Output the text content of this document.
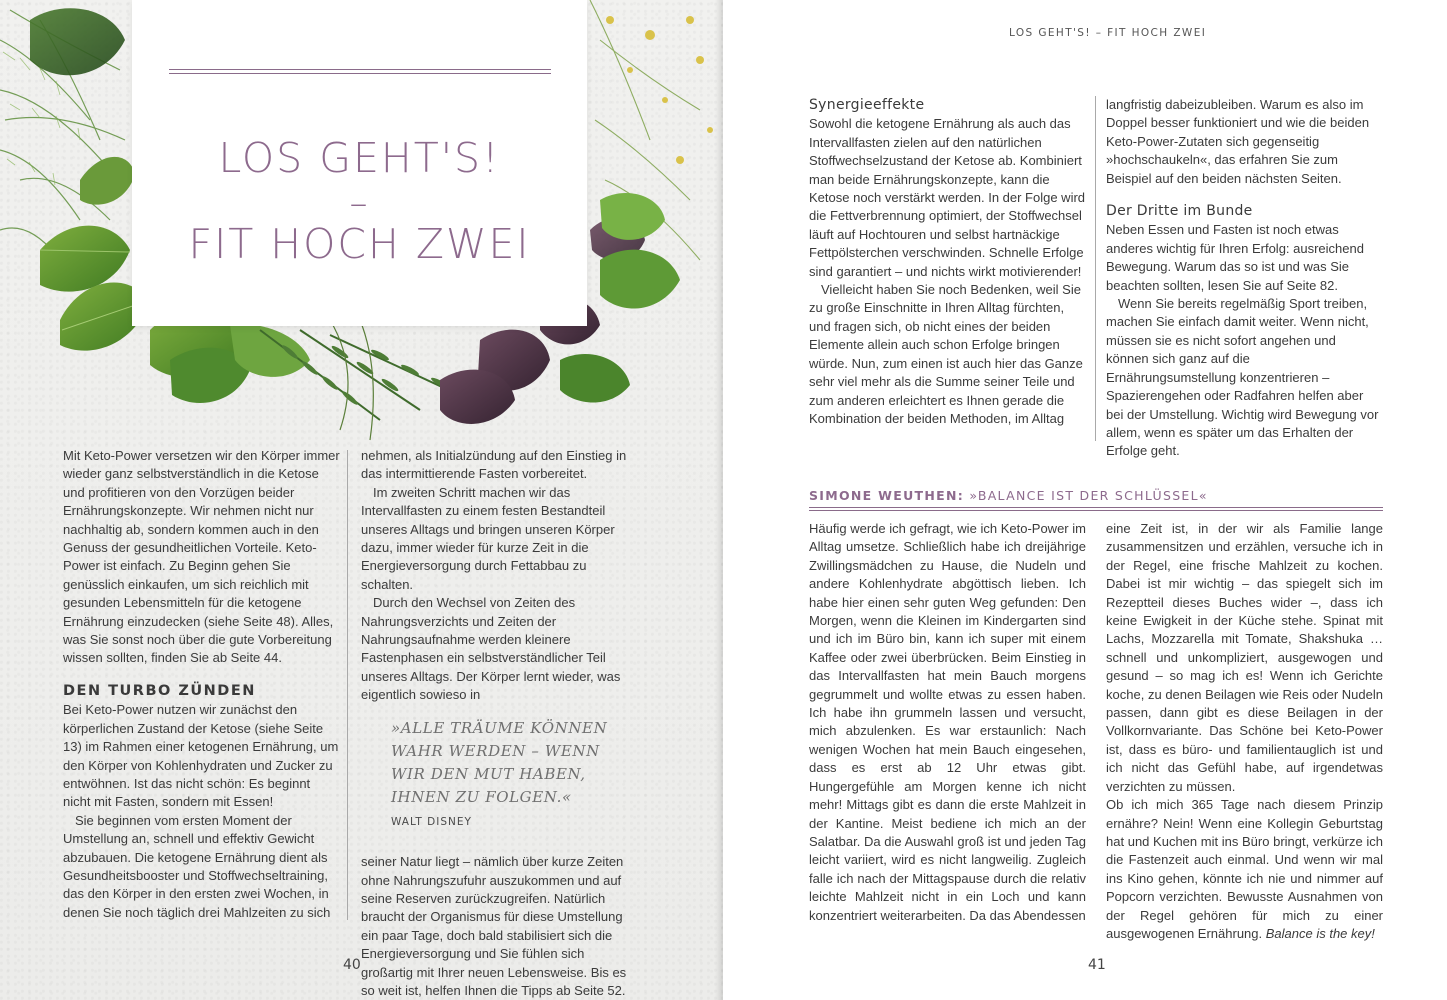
LOS GEHT'S!
–
FIT HOCH ZWEI

Mit Keto-Power versetzen wir den Körper immer wieder ganz selbstverständlich in die Ketose und profitieren von den Vorzügen beider Ernährungskonzepte. Wir nehmen nicht nur nachhaltig ab, sondern kommen auch in den Genuss der gesundheitlichen Vorteile. Keto-Power ist einfach. Zu Beginn gehen Sie genüsslich einkaufen, um sich reichlich mit gesunden Lebensmitteln für die ketogene Ernährung einzudecken (siehe Seite 48). Alles, was Sie sonst noch über die gute Vorbereitung wissen sollten, finden Sie ab Seite 44.

DEN TURBO ZÜNDEN

Bei Keto-Power nutzen wir zunächst den körperlichen Zustand der Ketose (siehe Seite 13) im Rahmen einer ketogenen Ernährung, um den Körper von Kohlenhydraten und Zucker zu entwöhnen. Ist das nicht schön: Es beginnt nicht mit Fasten, sondern mit Essen!

Sie beginnen vom ersten Moment der Umstellung an, schnell und effektiv Gewicht abzubauen. Die ketogene Ernährung dient als Gesundheitsbooster und Stoffwechseltraining, das den Körper in den ersten zwei Wochen, in denen Sie noch täglich drei Mahlzeiten zu sich

nehmen, als Initialzündung auf den Einstieg in das intermittierende Fasten vorbereitet.

Im zweiten Schritt machen wir das Intervallfasten zu einem festen Bestandteil unseres Alltags und bringen unseren Körper dazu, immer wieder für kurze Zeit in die Energieversorgung durch Fettabbau zu schalten.

Durch den Wechsel von Zeiten des Nahrungsverzichts und Zeiten der Nahrungsaufnahme werden kleinere Fastenphasen ein selbstverständlicher Teil unseres Alltags. Der Körper lernt wieder, was eigentlich sowieso in

»ALLE TRÄUME KÖNNEN WAHR WERDEN – WENN WIR DEN MUT HABEN, IHNEN ZU FOLGEN.«
WALT DISNEY

seiner Natur liegt – nämlich über kurze Zeiten ohne Nahrungszufuhr auszukommen und auf seine Reserven zurückzugreifen. Natürlich braucht der Organismus für diese Umstellung ein paar Tage, doch bald stabilisiert sich die Energieversorgung und Sie fühlen sich großartig mit Ihrer neuen Lebensweise. Bis es so weit ist, helfen Ihnen die Tipps ab Seite 52.

40
LOS GEHT'S! – FIT HOCH ZWEI
Synergieeffekte

Sowohl die ketogene Ernährung als auch das Intervallfasten zielen auf den natürlichen Stoffwechselzustand der Ketose ab. Kombiniert man beide Ernährungskonzepte, kann die Ketose noch verstärkt werden. In der Folge wird die Fettverbrennung optimiert, der Stoffwechsel läuft auf Hochtouren und selbst hartnäckige Fettpölsterchen verschwinden. Schnelle Erfolge sind garantiert – und nichts wirkt motivierender!

Vielleicht haben Sie noch Bedenken, weil Sie zu große Einschnitte in Ihren Alltag fürchten, und fragen sich, ob nicht eines der beiden Elemente allein auch schon Erfolge bringen würde. Nun, zum einen ist auch hier das Ganze sehr viel mehr als die Summe seiner Teile und zum anderen erleichtert es Ihnen gerade die Kombination der beiden Methoden, im Alltag

langfristig dabeizubleiben. Warum es also im Doppel besser funktioniert und wie die beiden Keto-Power-Zutaten sich gegenseitig »hochschaukeln«, das erfahren Sie zum Beispiel auf den beiden nächsten Seiten.

Der Dritte im Bunde

Neben Essen und Fasten ist noch etwas anderes wichtig für Ihren Erfolg: ausreichend Bewegung. Warum das so ist und was Sie beachten sollten, lesen Sie auf Seite 82.

Wenn Sie bereits regelmäßig Sport treiben, machen Sie einfach damit weiter. Wenn nicht, müssen sie es nicht sofort angehen und können sich ganz auf die Ernährungsumstellung konzentrieren – Spazierengehen oder Radfahren helfen aber bei der Umstellung. Wichtig wird Bewegung vor allem, wenn es später um das Erhalten der Erfolge geht.

SIMONE WEUTHEN: »BALANCE IST DER SCHLÜSSEL«

Häufig werde ich gefragt, wie ich Keto-Power im Alltag umsetze. Schließlich habe ich dreijährige Zwillingsmädchen zu Hause, die Nudeln und andere Kohlenhydrate abgöttisch lieben. Ich habe hier einen sehr guten Weg gefunden: Den Morgen, wenn die Kleinen im Kindergarten sind und ich im Büro bin, kann ich super mit einem Kaffee oder zwei überbrücken. Beim Einstieg in das Intervallfasten hat mein Bauch morgens gegrummelt und wollte etwas zu essen haben. Ich habe ihn grummeln lassen und versucht, mich abzulenken. Es war erstaunlich: Nach wenigen Wochen hat mein Bauch eingesehen, dass es erst ab 12 Uhr etwas gibt. Hungergefühle am Morgen kenne ich nicht mehr! Mittags gibt es dann die erste Mahlzeit in der Kantine. Meist bediene ich mich an der Salatbar. Da die Auswahl groß ist und jeden Tag leicht variiert, wird es nicht langweilig. Zugleich falle ich nach der Mittagspause durch die relativ leichte Mahlzeit nicht in ein Loch und kann konzentriert weiterarbeiten. Da das Abendessen

eine Zeit ist, in der wir als Familie lange zusammensitzen und erzählen, versuche ich in der Regel, eine frische Mahlzeit zu kochen. Dabei ist mir wichtig – das spiegelt sich im Rezeptteil dieses Buches wider –, dass ich keine Ewigkeit in der Küche stehe. Spinat mit Lachs, Mozzarella mit Tomate, Shakshuka … schnell und unkompliziert, ausgewogen und gesund – so mag ich es! Wenn ich Gerichte koche, zu denen Beilagen wie Reis oder Nudeln passen, dann gibt es diese Beilagen in der Vollkornvariante. Das Schöne bei Keto-Power ist, dass es büro- und familientauglich ist und ich nicht das Gefühl habe, auf irgendetwas verzichten zu müssen.

Ob ich mich 365 Tage nach diesem Prinzip ernähre? Nein! Wenn eine Kollegin Geburtstag hat und Kuchen mit ins Büro bringt, verkürze ich die Fastenzeit auch einmal. Und wenn wir mal ins Kino gehen, könnte ich nie und nimmer auf Popcorn verzichten. Bewusste Ausnahmen von der Regel gehören für mich zu einer ausgewogenen Ernährung. Balance is the key!

41
